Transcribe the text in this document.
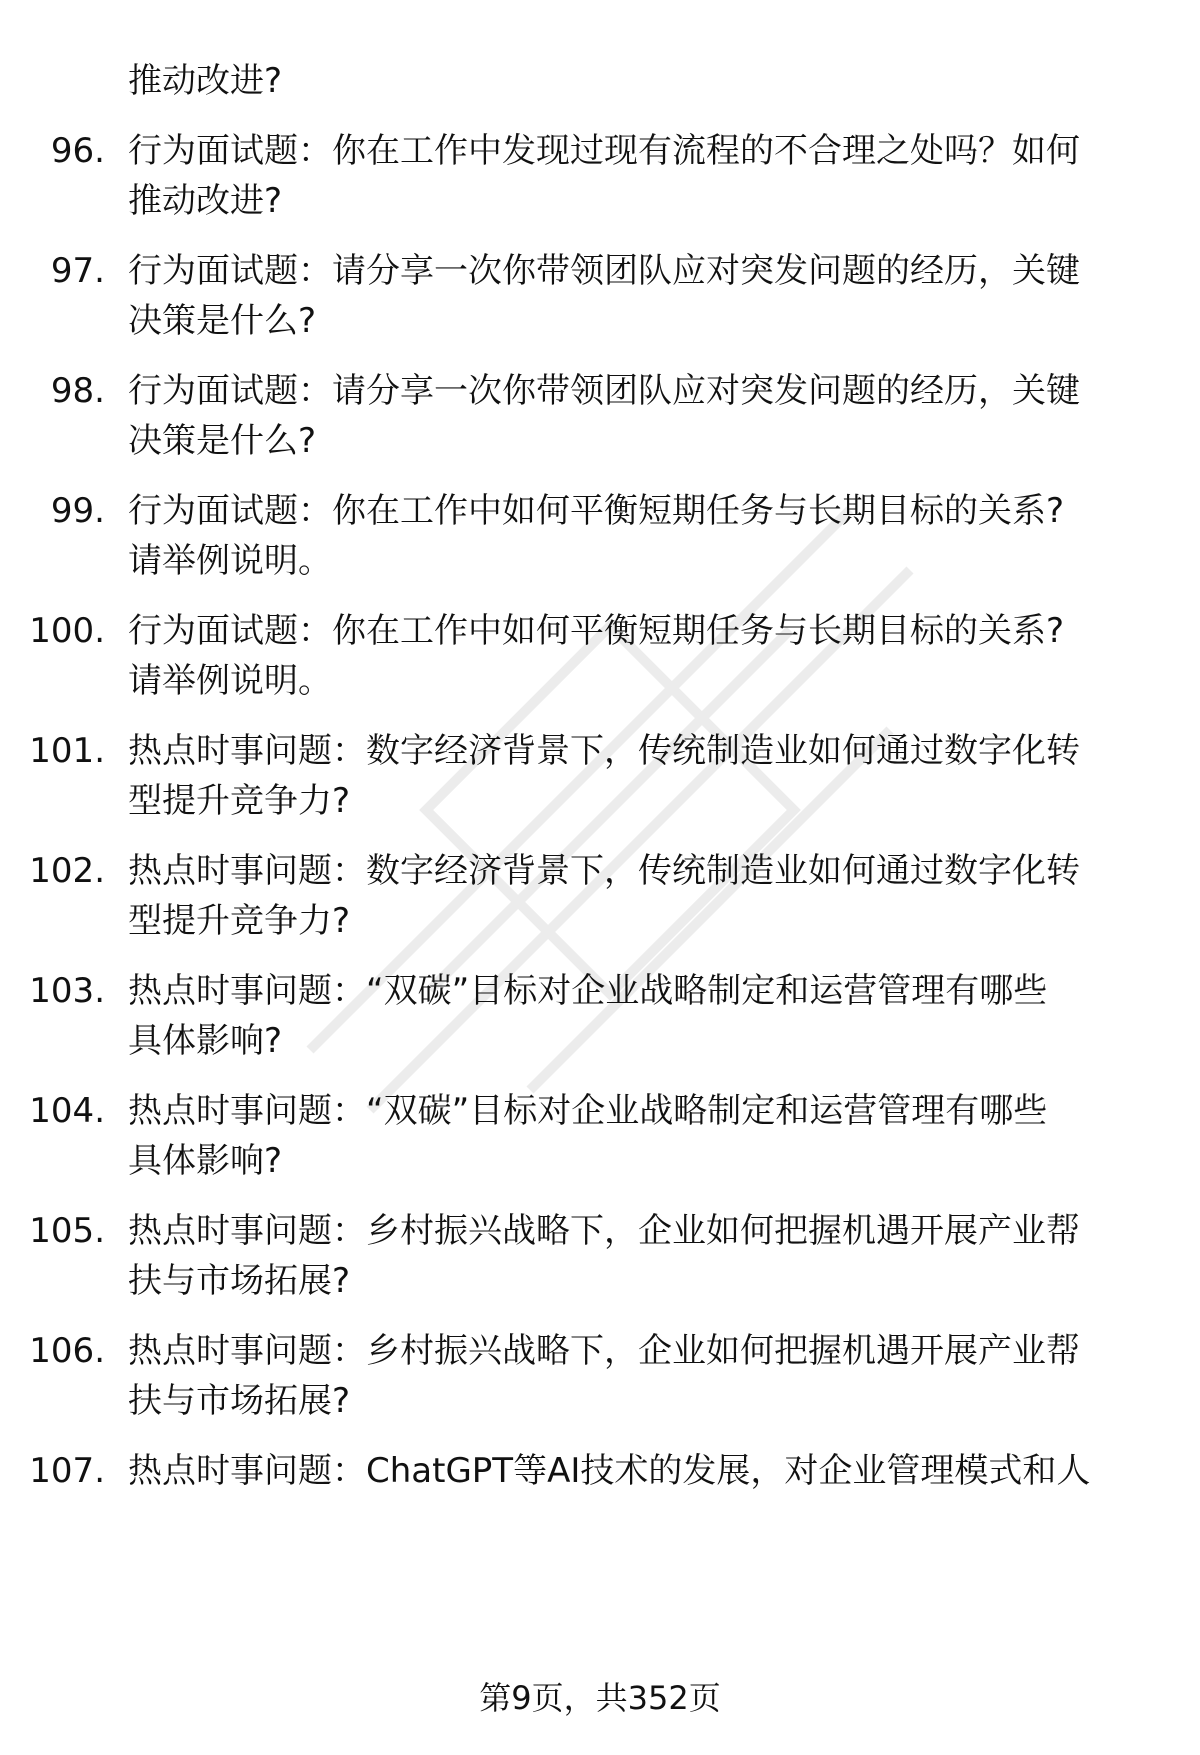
推动改进?
96. 行为面试题：你在工作中发现过现有流程的不合理之处吗？如何
推动改进?
97. 行为面试题：请分享一次你带领团队应对突发问题的经历，关键
决策是什么?
98. 行为面试题：请分享一次你带领团队应对突发问题的经历，关键
决策是什么?
99. 行为面试题：你在工作中如何平衡短期任务与长期目标的关系?
请举例说明。
100. 行为面试题：你在工作中如何平衡短期任务与长期目标的关系?
请举例说明。
101. 热点时事问题：数字经济背景下，传统制造业如何通过数字化转
型提升竞争力?
102. 热点时事问题：数字经济背景下，传统制造业如何通过数字化转
型提升竞争力?
103. 热点时事问题：“双碳”目标对企业战略制定和运营管理有哪些
具体影响?
104. 热点时事问题：“双碳”目标对企业战略制定和运营管理有哪些
具体影响?
105. 热点时事问题：乡村振兴战略下，企业如何把握机遇开展产业帮
扶与市场拓展?
106. 热点时事问题：乡村振兴战略下，企业如何把握机遇开展产业帮
扶与市场拓展?
107. 热点时事问题：ChatGPT等AI技术的发展，对企业管理模式和人
第9页，共352页
